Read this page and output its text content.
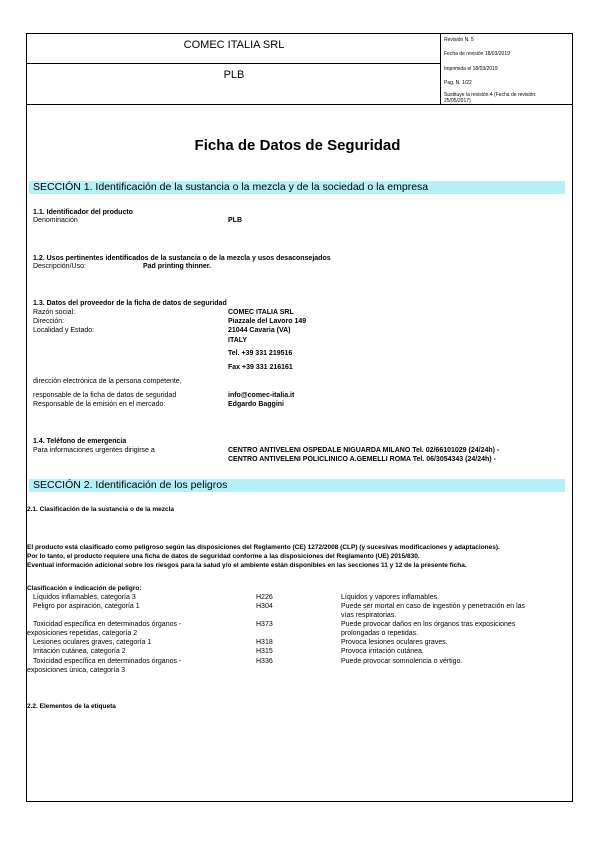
COMEC ITALIA SRL
PLB
Revisión N. 5
Fecha de revisión 18/03/2019
Imprimida el 18/03/2019
Pag. N. 1/22
Sustituye la revisión:4 (Fecha de revisión:
25/05/2017)
Ficha de Datos de Seguridad
SECCIÓN 1. Identificación de la sustancia o la mezcla y de la sociedad o la empresa
1.1. Identificador del producto
Denominación	PLB
1.2. Usos pertinentes identificados de la sustancia o de la mezcla y usos desaconsejados
Descripción/Uso:	Pad printing thinner.
1.3. Datos del proveedor de la ficha de datos de seguridad
Razón social:	COMEC ITALIA SRL
Dirección:	Piazzale del Lavoro 149
Localidad y Estado:	21044 Cavaria (VA)
ITALY
Tel. +39 331 219516
Fax +39 331 216161
dirección electrónica de la persona competente,
responsable de la ficha de datos de seguridad	info@comec-italia.it
Responsable de la emisión en el mercado:	Edgardo Baggini
1.4. Teléfono de emergencia
Para informaciones urgentes dirigirse a	CENTRO ANTIVELENI OSPEDALE NIGUARDA MILANO Tel. 02/66101029 (24/24h) -
CENTRO ANTIVELENI POLICLINICO A.GEMELLI ROMA Tel. 06/3054343 (24/24h) -
SECCIÓN 2. Identificación de los peligros
2.1. Clasificación de la sustancia o de la mezcla
El producto está clasificado como peligroso según las disposiciones del Reglamento (CE) 1272/2008 (CLP) (y sucesivas modificaciones y adaptaciones).
Por lo tanto, el producto requiere una ficha de datos de seguridad conforme a las disposiciones del Reglamento (UE) 2015/830.
Eventual información adicional sobre los riesgos para la salud y/o el ambiente están disponibles en las secciones 11 y 12 de la presente ficha.
Clasificación e indicación de peligro:
Líquidos inflamables, categoría 3	H226	Líquidos y vapores inflamables.
Peligro por aspiración, categoría 1	H304	Puede ser mortal en caso de ingestión y penetración en las
vías respiratorias.
Toxicidad específica en determinados órganos -
exposiciones repetidas, categoría 2
H373	Puede provocar daños en los órganos tras exposiciones
prolongadas o repetidas.
Lesiones oculares graves, categoría 1	H318	Provoca lesiones oculares graves.
Irritación cutánea, categoría 2	H315	Provoca irritación cutánea.
Toxicidad específica en determinados órganos -
exposiciones única, categoría 3
H336	Puede provocar somnolencia o vértigo.
2.2. Elementos de la etiqueta
